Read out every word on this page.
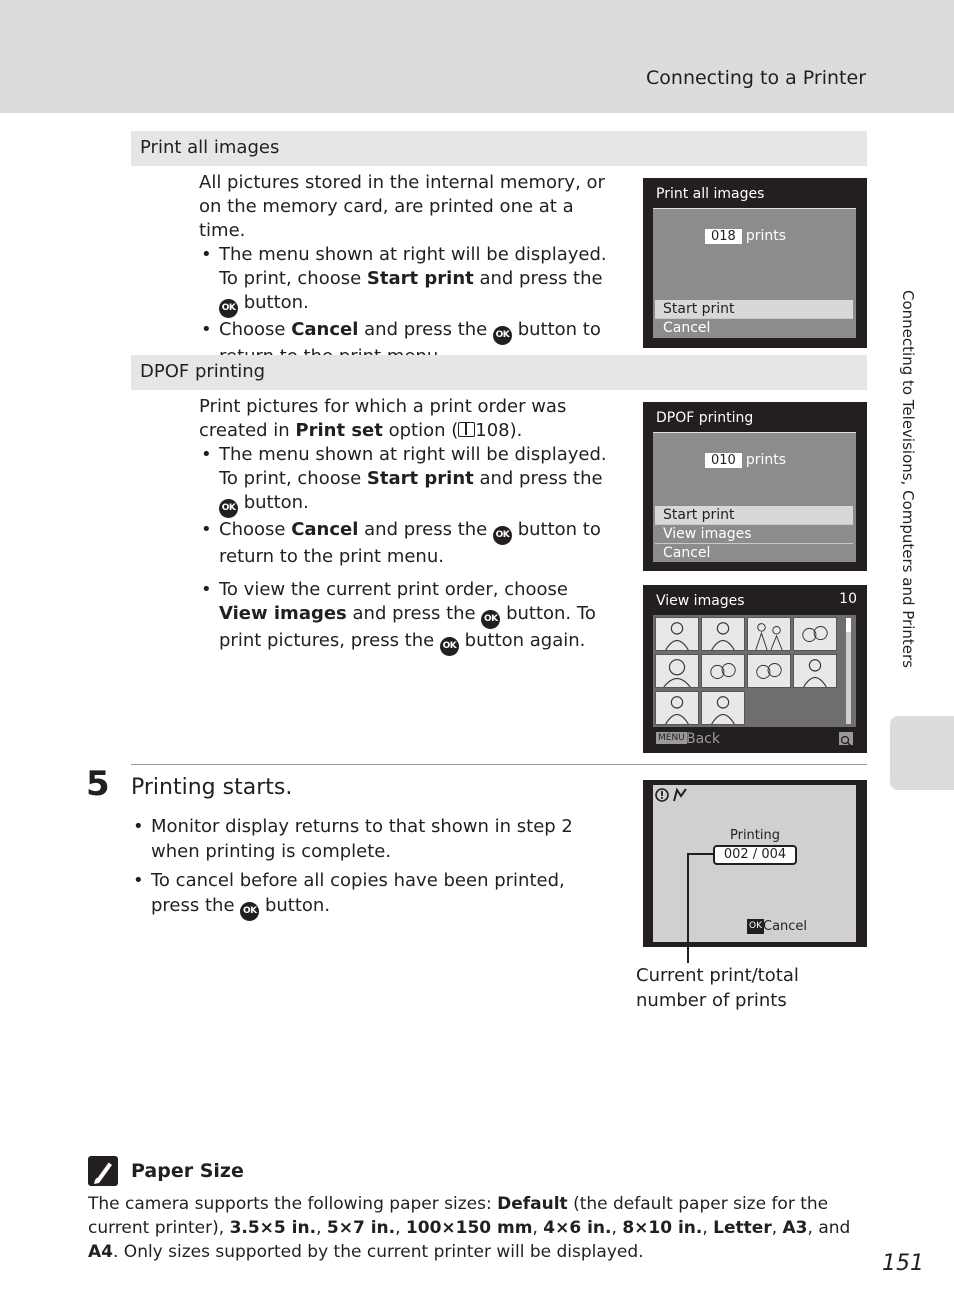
Connecting to a Printer
Connecting to Televisions, Computers and Printers
Print all images

All pictures stored in the internal memory, or on the memory card, are printed one at a time.

• The menu shown at right will be displayed. To print, choose Start print and press the OK button.
• Choose Cancel and press the OK button to
Print all images
018 prints
Start print
Cancel
DPOF printing

Print pictures for which a print order was created in Print set option ( 108).

• The menu shown at right will be displayed. To print, choose Start print and press the OK button.
• Choose Cancel and press the OK button to return to the print menu.
• To view the current print order, choose View images and press the OK button. To print pictures, press the OK button again.
DPOF printing
010 prints
Start print
View images
Cancel
View images	10
MENU Back
5 Printing starts.
• Monitor display returns to that shown in step 2 when printing is complete.
• To cancel before all copies have been printed, press the OK button.
Printing
002 / 004
OK Cancel
Current print/total number of prints
Paper Size

The camera supports the following paper sizes: Default (the default paper size for the current printer), 3.5×5 in., 5×7 in., 100×150 mm, 4×6 in., 8×10 in., Letter, A3, and A4. Only sizes supported by the current printer will be displayed.	151
